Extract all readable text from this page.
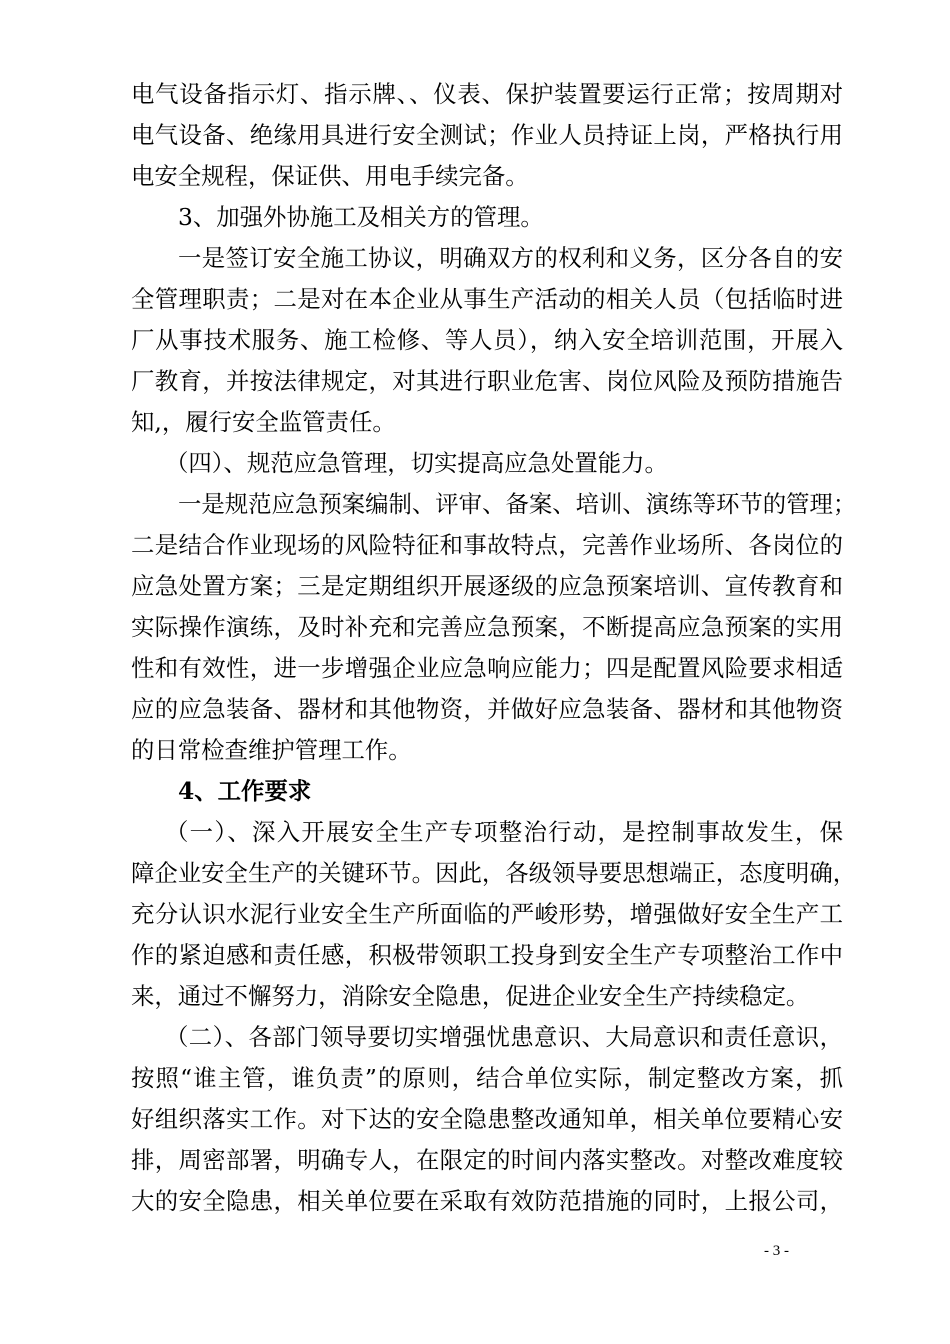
电气设备指示灯、指示牌、、仪表、保护装置要运行正常；按周期对
电气设备、绝缘用具进行安全测试；作业人员持证上岗，严格执行用
电安全规程，保证供、用电手续完备。
3、加强外协施工及相关方的管理。
一是签订安全施工协议，明确双方的权利和义务，区分各自的安
全管理职责；二是对在本企业从事生产活动的相关人员（包括临时进
厂从事技术服务、施工检修、等人员），纳入安全培训范围，开展入
厂教育，并按法律规定，对其进行职业危害、岗位风险及预防措施告
知,，履行安全监管责任。
（四）、规范应急管理，切实提高应急处置能力。
一是规范应急预案编制、评审、备案、培训、演练等环节的管理；
二是结合作业现场的风险特征和事故特点，完善作业场所、各岗位的
应急处置方案；三是定期组织开展逐级的应急预案培训、宣传教育和
实际操作演练，及时补充和完善应急预案，不断提高应急预案的实用
性和有效性，进一步增强企业应急响应能力；四是配置风险要求相适
应的应急装备、器材和其他物资，并做好应急装备、器材和其他物资
的日常检查维护管理工作。
4、工作要求
（一）、深入开展安全生产专项整治行动，是控制事故发生，保
障企业安全生产的关键环节。因此，各级领导要思想端正，态度明确，
充分认识水泥行业安全生产所面临的严峻形势，增强做好安全生产工
作的紧迫感和责任感，积极带领职工投身到安全生产专项整治工作中
来，通过不懈努力，消除安全隐患，促进企业安全生产持续稳定。
（二）、各部门领导要切实增强忧患意识、大局意识和责任意识，
按照“谁主管，谁负责”的原则，结合单位实际，制定整改方案，抓
好组织落实工作。对下达的安全隐患整改通知单，相关单位要精心安
排，周密部署，明确专人，在限定的时间内落实整改。对整改难度较
大的安全隐患，相关单位要在采取有效防范措施的同时，上报公司，
- 3 -
